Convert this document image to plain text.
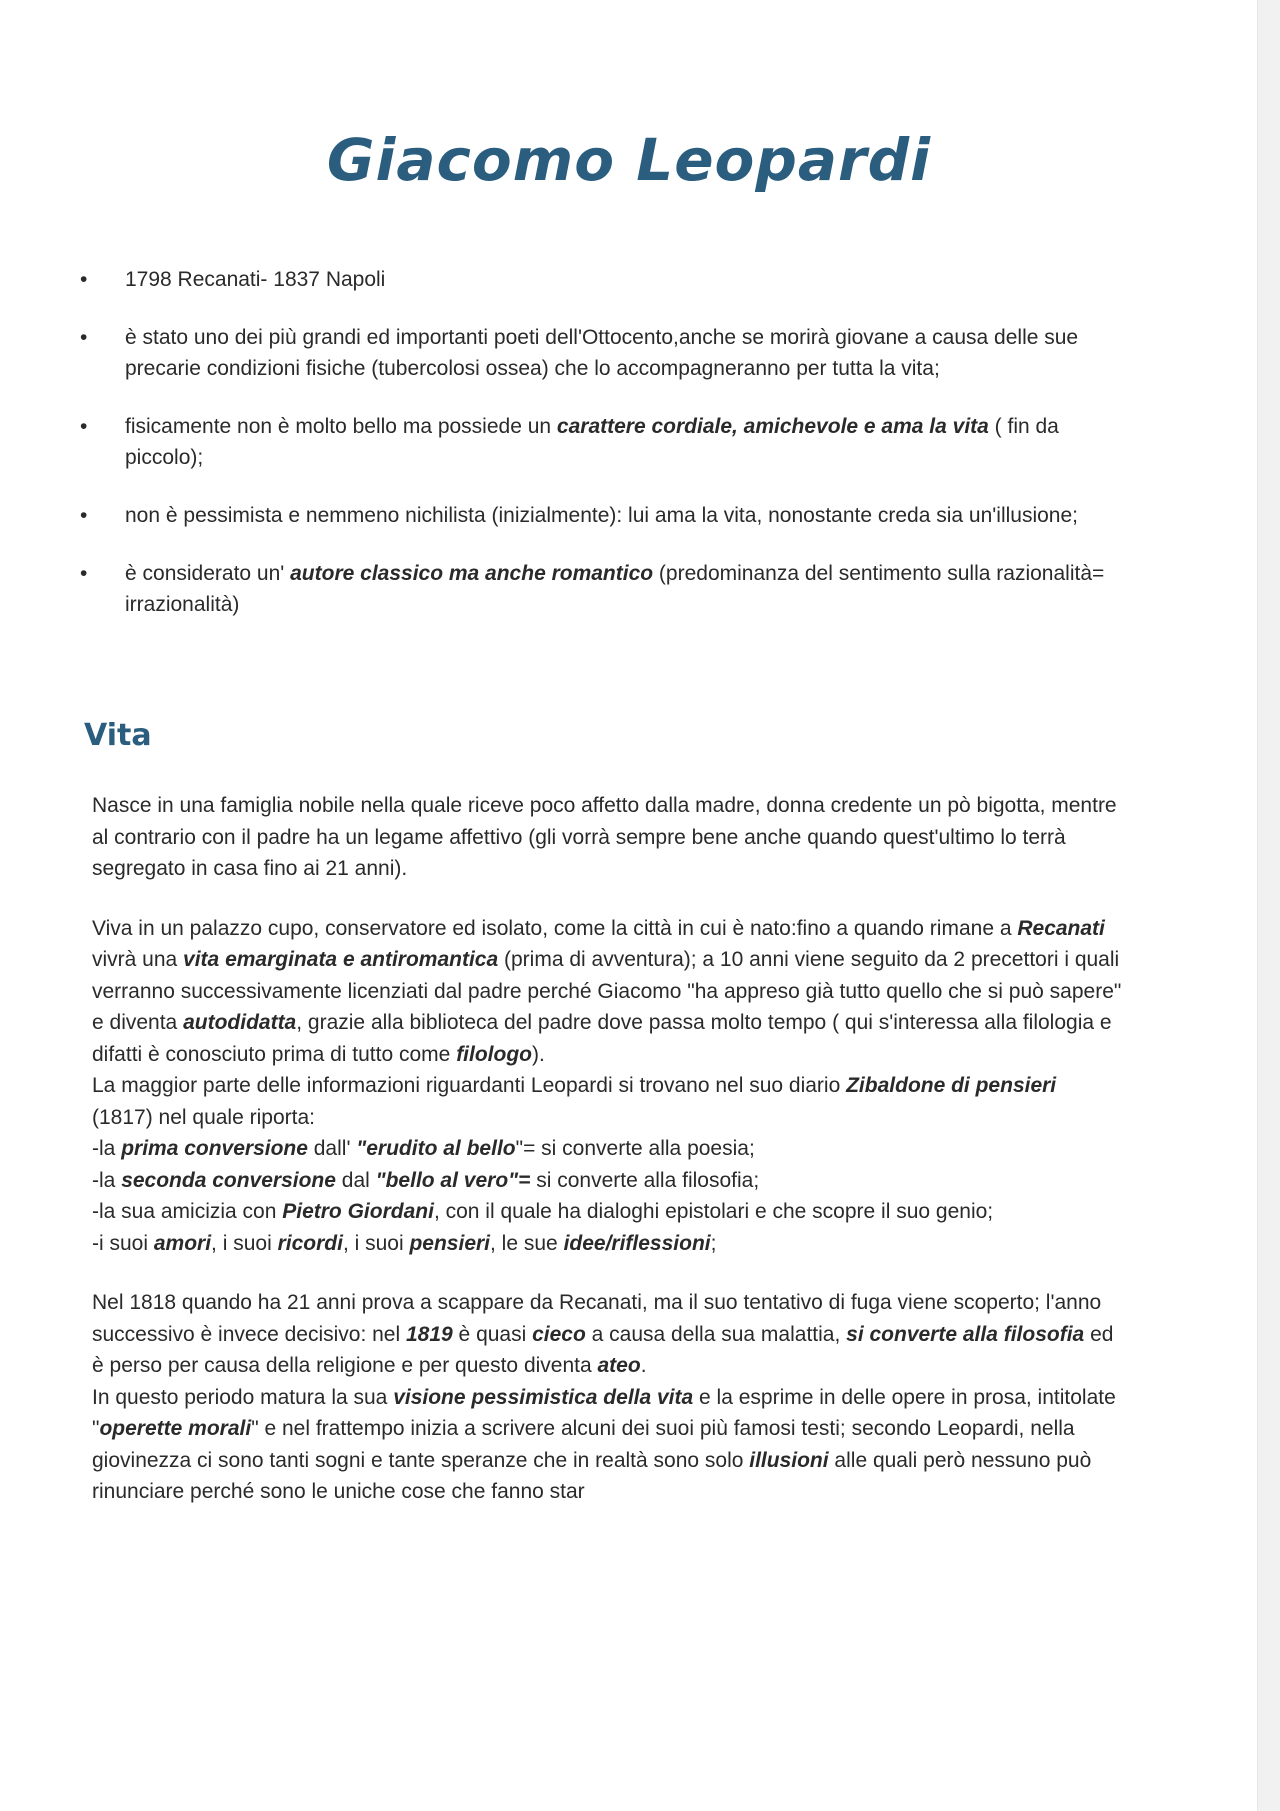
Giacomo Leopardi
•	1798 Recanati- 1837 Napoli
•	è stato uno dei più grandi ed importanti poeti dell'Ottocento,anche se morirà giovane a causa delle sue precarie condizioni fisiche (tubercolosi ossea) che lo accompagneranno per tutta la vita;
•	fisicamente non è molto bello ma possiede un carattere cordiale, amichevole e ama la vita ( fin da piccolo);
•	non è pessimista e nemmeno nichilista (inizialmente): lui ama la vita, nonostante creda sia un'illusione;
•	è considerato un' autore classico ma anche romantico (predominanza del sentimento sulla razionalità= irrazionalità)
Vita

Nasce in una famiglia nobile nella quale riceve poco affetto dalla madre, donna credente un pò bigotta, mentre al contrario con il padre ha un legame affettivo (gli vorrà sempre bene anche quando quest'ultimo lo terrà segregato in casa fino ai 21 anni).

Viva in un palazzo cupo, conservatore ed isolato, come la città in cui è nato:fino a quando rimane a Recanati vivrà una vita emarginata e antiromantica (prima di avventura); a 10 anni viene seguito da 2 precettori i quali verranno successivamente licenziati dal padre perché Giacomo "ha appreso già tutto quello che si può sapere" e diventa autodidatta, grazie alla biblioteca del padre dove passa molto tempo ( qui s'interessa alla filologia e difatti è conosciuto prima di tutto come filologo).

La maggior parte delle informazioni riguardanti Leopardi si trovano nel suo diario Zibaldone di pensieri (1817) nel quale riporta:

-la prima conversione dall' "erudito al bello"= si converte alla poesia;

-la seconda conversione dal "bello al vero"= si converte alla filosofia;

-la sua amicizia con Pietro Giordani, con il quale ha dialoghi epistolari e che scopre il suo genio;

-i suoi amori, i suoi ricordi, i suoi pensieri, le sue idee/riflessioni;

Nel 1818 quando ha 21 anni prova a scappare da Recanati, ma il suo tentativo di fuga viene scoperto; l'anno successivo è invece decisivo: nel 1819 è quasi cieco a causa della sua malattia, si converte alla filosofia ed è perso per causa della religione e per questo diventa ateo.

In questo periodo matura la sua visione pessimistica della vita e la esprime in delle opere in prosa, intitolate "operette morali" e nel frattempo inizia a scrivere alcuni dei suoi più famosi testi; secondo Leopardi, nella giovinezza ci sono tanti sogni e tante speranze che in realtà sono solo illusioni alle quali però nessuno può rinunciare perché sono le uniche cose che fanno star
